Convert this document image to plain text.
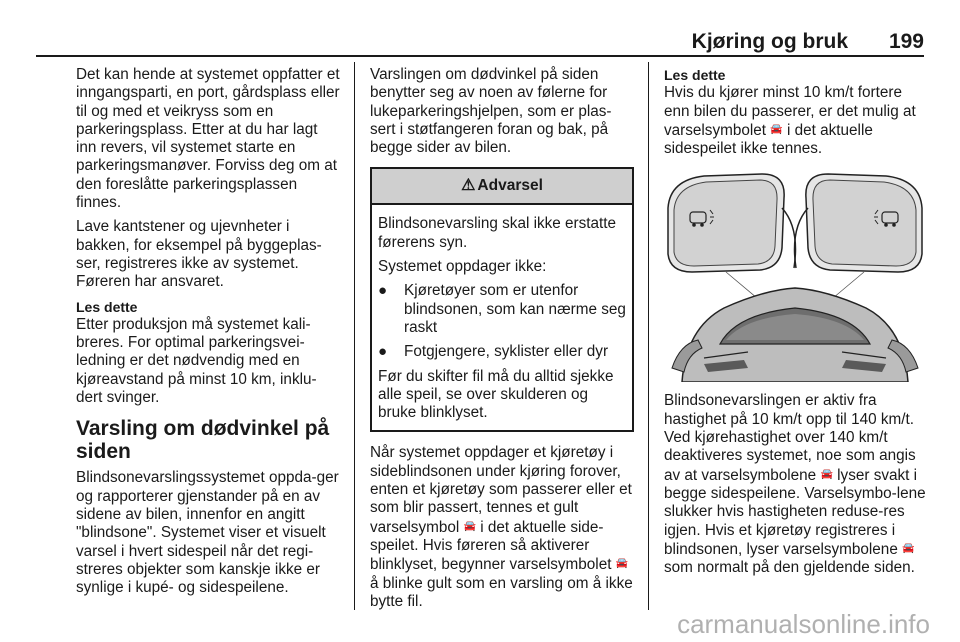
Kjøring og bruk 199

Det kan hende at systemet oppfatter et inngangsparti, en port, gårdsplass eller til og med et veikryss som en parkeringsplass. Etter at du har lagt inn revers, vil systemet starte en parkeringsmanøver. Forviss deg om at den foreslåtte parkeringsplassen finnes.

Lave kantstener og ujevnheter i bakken, for eksempel på byggeplas-ser, registreres ikke av systemet. Føreren har ansvaret.

Les dette

Etter produksjon må systemet kali-breres. For optimal parkeringsvei-ledning er det nødvendig med en kjøreavstand på minst 10 km, inklu-dert svinger.

Varsling om dødvinkel på siden

Blindsonevarslingssystemet oppda-ger og rapporterer gjenstander på en av sidene av bilen, innenfor en angitt "blindsone". Systemet viser et visuelt varsel i hvert sidespeil når det regi-streres objekter som kanskje ikke er synlige i kupé- og sidespeilene.

Varslingen om dødvinkel på siden benytter seg av noen av følerne for lukeparkeringshjelpen, som er plas-sert i støtfangeren foran og bak, på begge sider av bilen.

⚠ Advarsel

Blindsonevarsling skal ikke erstatte førerens syn.

Systemet oppdager ikke:

●	Kjøretøyer som er utenfor blindsonen, som kan nærme seg raskt
●	Fotgjengere, syklister eller dyr

Før du skifter fil må du alltid sjekke alle speil, se over skulderen og bruke blinklyset.

Når systemet oppdager et kjøretøy i sideblindsonen under kjøring forover, enten et kjøretøy som passerer eller et som blir passert, tennes et gult varselsymbol 🚘 i det aktuelle side-speilet. Hvis føreren så aktiverer blinklyset, begynner varselsymbolet 🚘 å blinke gult som en varsling om å ikke bytte fil.

Les dette

Hvis du kjører minst 10 km/t fortere enn bilen du passerer, er det mulig at varselsymbolet 🚘 i det aktuelle sidespeilet ikke tennes.

Blindsonevarslingen er aktiv fra hastighet på 10 km/t opp til 140 km/t. Ved kjørehastighet over 140 km/t deaktiveres systemet, noe som angis av at varselsymbolene 🚘 lyser svakt i begge sidespeilene. Varselsymbo-lene slukker hvis hastigheten reduse-res igjen. Hvis et kjøretøy registreres i blindsonen, lyser varselsymbolene 🚘 som normalt på den gjeldende siden.

carmanualsonline.info
